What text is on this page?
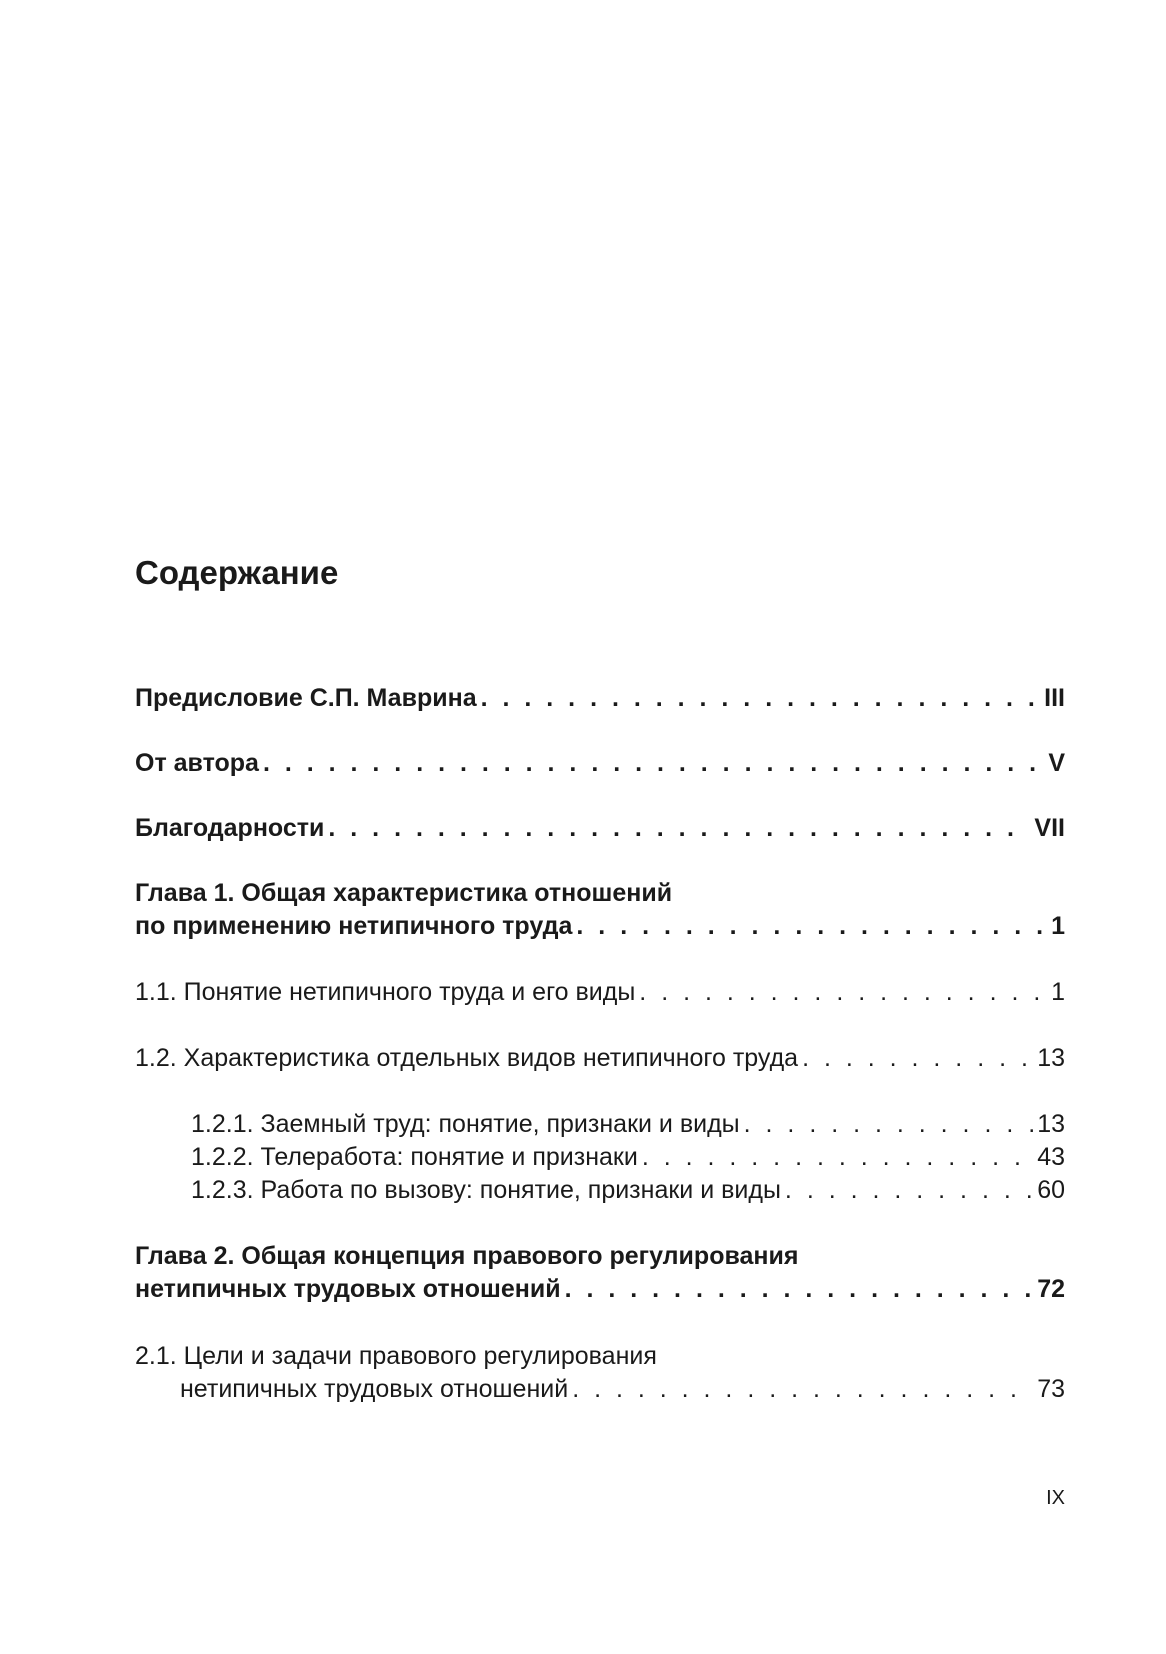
Содержание
Предисловие С.П. Маврина . . .	III
От автора . . .	V
Благодарности . . .	VII
Глава 1. Общая характеристика отношений
по применению нетипичного труда . . .	1
1.1. Понятие нетипичного труда и его виды . . .	1
1.2. Характеристика отдельных видов нетипичного труда . . .	13
1.2.1. Заемный труд: понятие, признаки и виды . . .	13
1.2.2. Телеработа: понятие и признаки . . .	43
1.2.3. Работа по вызову: понятие, признаки и виды . . .	60
Глава 2. Общая концепция правового регулирования
нетипичных трудовых отношений . . .	72
2.1. Цели и задачи правового регулирования
нетипичных трудовых отношений . . .	73
IX
